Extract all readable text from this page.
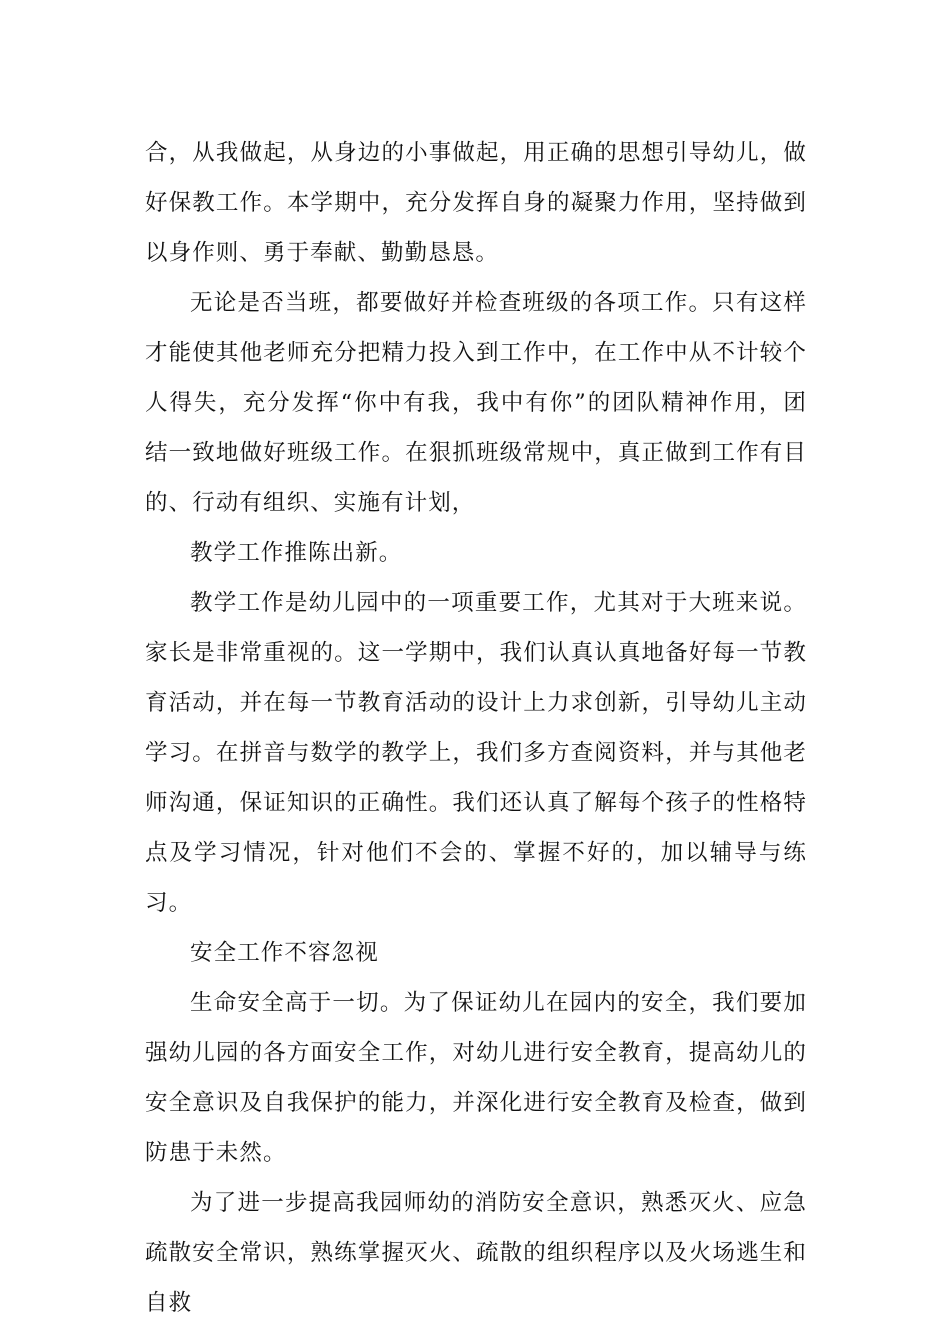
合，从我做起，从身边的小事做起，用正确的思想引导幼儿，做好保教工作。本学期中，充分发挥自身的凝聚力作用，坚持做到以身作则、勇于奉献、勤勤恳恳。

无论是否当班，都要做好并检查班级的各项工作。只有这样才能使其他老师充分把精力投入到工作中，在工作中从不计较个人得失，充分发挥“你中有我，我中有你”的团队精神作用，团结一致地做好班级工作。在狠抓班级常规中，真正做到工作有目的、行动有组织、实施有计划，

教学工作推陈出新。

教学工作是幼儿园中的一项重要工作，尤其对于大班来说。家长是非常重视的。这一学期中，我们认真认真地备好每一节教育活动，并在每一节教育活动的设计上力求创新，引导幼儿主动学习。在拼音与数学的教学上，我们多方查阅资料，并与其他老师沟通，保证知识的正确性。我们还认真了解每个孩子的性格特点及学习情况，针对他们不会的、掌握不好的，加以辅导与练习。

安全工作不容忽视

生命安全高于一切。为了保证幼儿在园内的安全，我们要加强幼儿园的各方面安全工作，对幼儿进行安全教育，提高幼儿的安全意识及自我保护的能力，并深化进行安全教育及检查，做到防患于未然。

为了进一步提高我园师幼的消防安全意识，熟悉灭火、应急疏散安全常识，熟练掌握灭火、疏散的组织程序以及火场逃生和自救
